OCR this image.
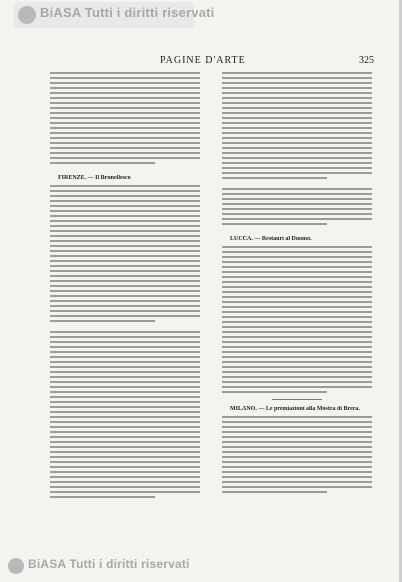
BiASA Tutti i diritti riservati
PAGINE D'ARTE	325
FIRENZE. — Il Brunellesco
LUCCA. — Restauri al Duomo.
MILANO. — Le premiazioni alla Mostra di Brera.
BiASA Tutti i diritti riservati
